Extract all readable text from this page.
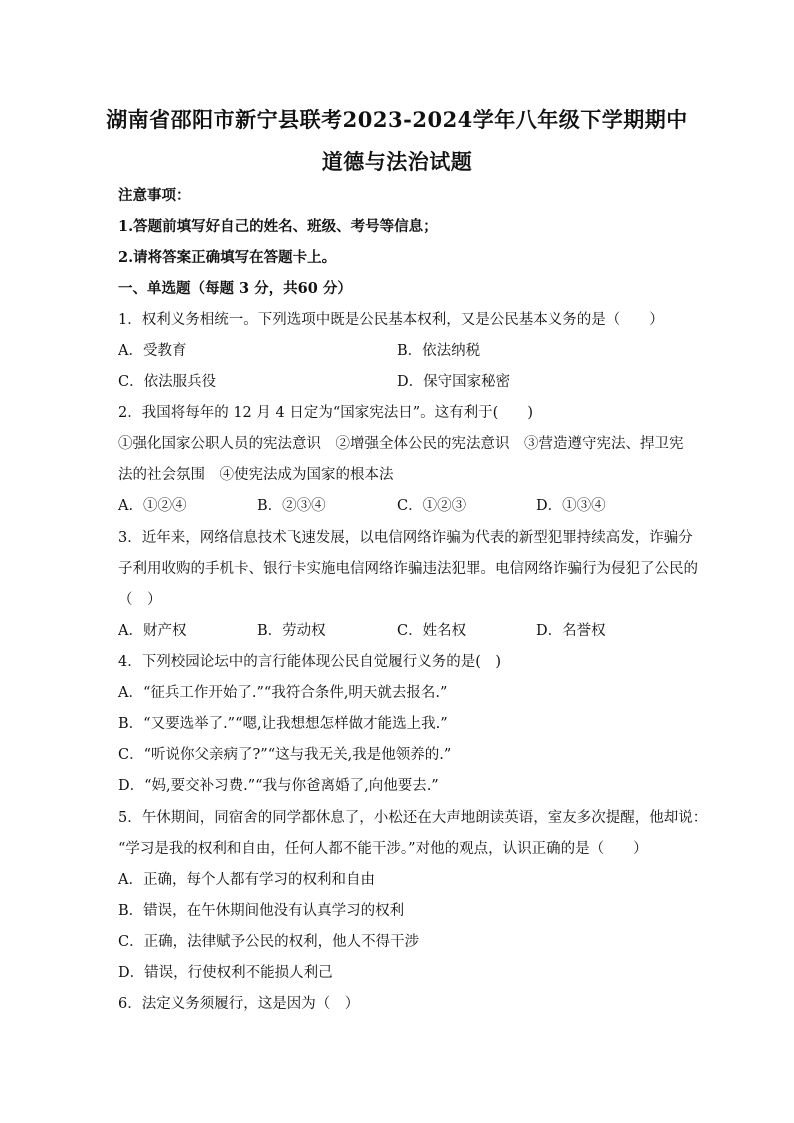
湖南省邵阳市新宁县联考2023-2024学年八年级下学期期中
道德与法治试题
注意事项：
1.答题前填写好自己的姓名、班级、考号等信息；
2.请将答案正确填写在答题卡上。
一、单选题（每题 3 分，共60 分）
1．权利义务相统一。下列选项中既是公民基本权利，又是公民基本义务的是（　　）
A．受教育	B．依法纳税
C．依法服兵役	D．保守国家秘密
2．我国将每年的 12 月 4 日定为“国家宪法日”。这有利于(　　)
①强化国家公职人员的宪法意识　②增强全体公民的宪法意识　③营造遵守宪法、捍卫宪
法的社会氛围　④使宪法成为国家的根本法
A．①②④	B．②③④	C．①②③	D．①③④
3．近年来，网络信息技术飞速发展，以电信网络诈骗为代表的新型犯罪持续高发，诈骗分
子利用收购的手机卡、银行卡实施电信网络诈骗违法犯罪。电信网络诈骗行为侵犯了公民的
（　）
A．财产权	B．劳动权	C．姓名权	D．名誉权
4．下列校园论坛中的言行能体现公民自觉履行义务的是(　)
A．“征兵工作开始了.”“我符合条件,明天就去报名.”
B．“又要选举了.”“嗯,让我想想怎样做才能选上我.”
C．“听说你父亲病了?”“这与我无关,我是他领养的.”
D．“妈,要交补习费.”“我与你爸离婚了,向他要去.”
5．午休期间，同宿舍的同学都休息了，小松还在大声地朗读英语，室友多次提醒，他却说：
“学习是我的权利和自由，任何人都不能干涉。”对他的观点，认识正确的是（　　）
A．正确，每个人都有学习的权利和自由
B．错误，在午休期间他没有认真学习的权利
C．正确，法律赋予公民的权利，他人不得干涉
D．错误，行使权利不能损人利己
6．法定义务须履行，这是因为（　）
